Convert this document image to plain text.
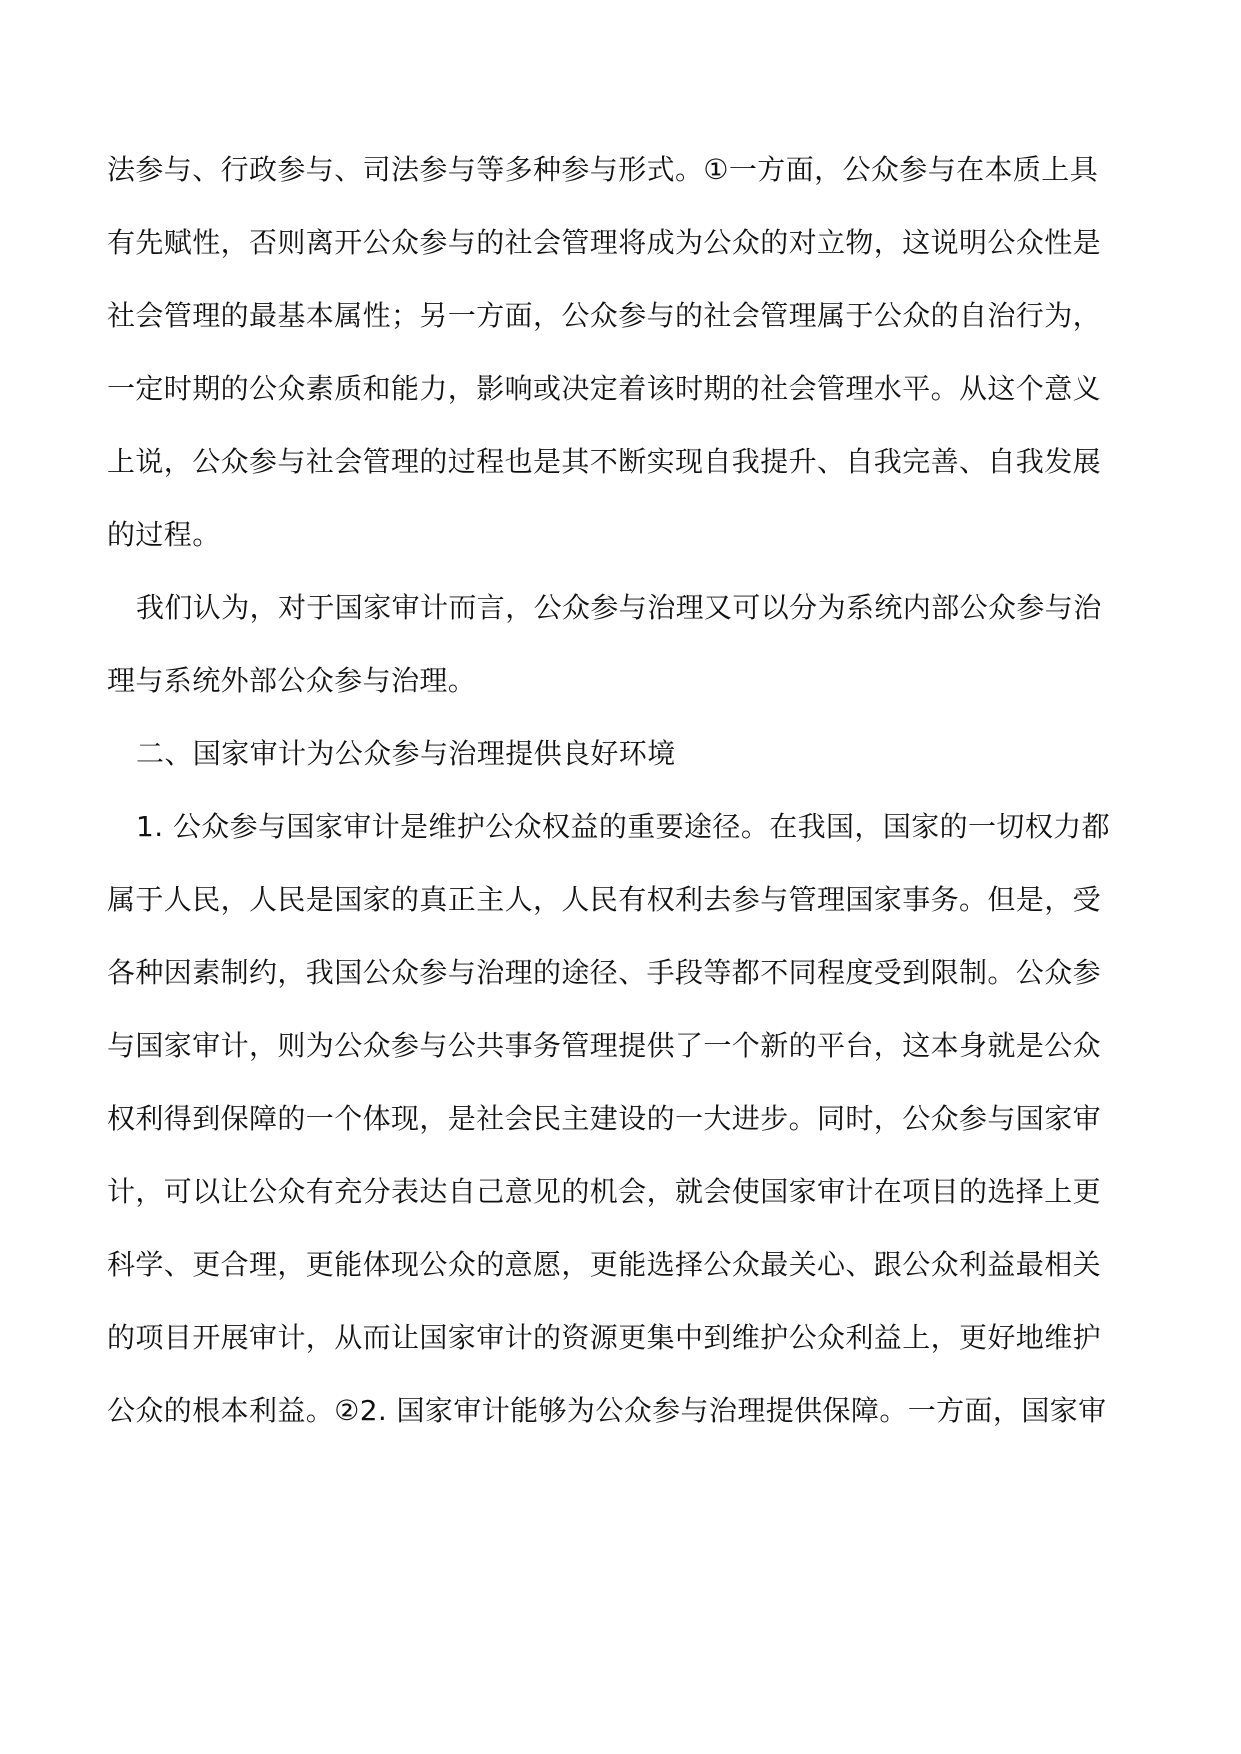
法参与、行政参与、司法参与等多种参与形式。①一方面，公众参与在本质上具
有先赋性，否则离开公众参与的社会管理将成为公众的对立物，这说明公众性是
社会管理的最基本属性；另一方面，公众参与的社会管理属于公众的自治行为，
一定时期的公众素质和能力，影响或决定着该时期的社会管理水平。从这个意义
上说，公众参与社会管理的过程也是其不断实现自我提升、自我完善、自我发展
的过程。
我们认为，对于国家审计而言，公众参与治理又可以分为系统内部公众参与治
理与系统外部公众参与治理。
二、国家审计为公众参与治理提供良好环境
1. 公众参与国家审计是维护公众权益的重要途径。在我国，国家的一切权力都
属于人民，人民是国家的真正主人，人民有权利去参与管理国家事务。但是，受
各种因素制约，我国公众参与治理的途径、手段等都不同程度受到限制。公众参
与国家审计，则为公众参与公共事务管理提供了一个新的平台，这本身就是公众
权利得到保障的一个体现，是社会民主建设的一大进步。同时，公众参与国家审
计，可以让公众有充分表达自己意见的机会，就会使国家审计在项目的选择上更
科学、更合理，更能体现公众的意愿，更能选择公众最关心、跟公众利益最相关
的项目开展审计，从而让国家审计的资源更集中到维护公众利益上，更好地维护
公众的根本利益。②2. 国家审计能够为公众参与治理提供保障。一方面，国家审
